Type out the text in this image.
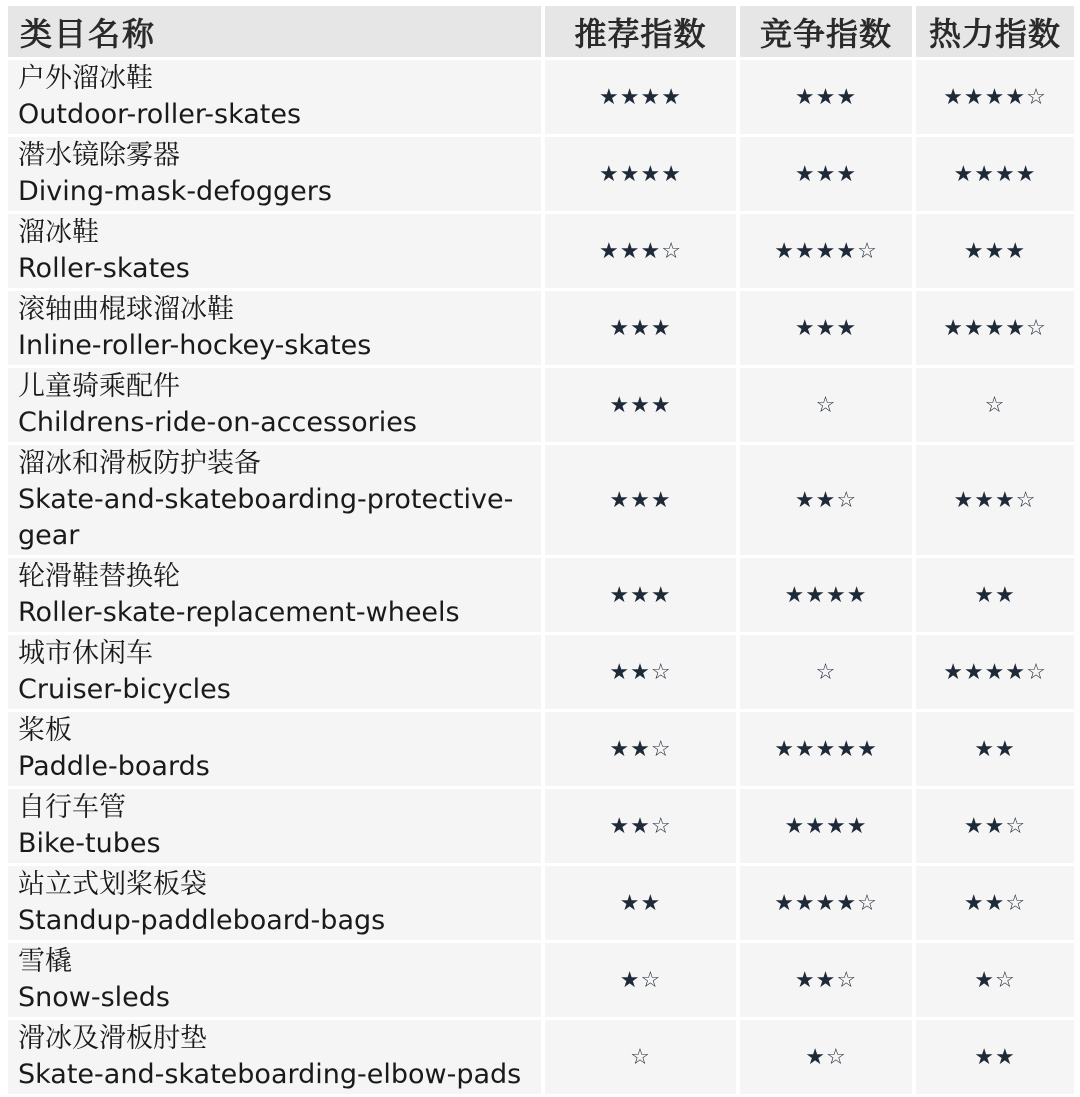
类目名称	推荐指数	竞争指数	热力指数

户外溜冰鞋
Outdoor-roller-skates	★★★★	★★★	★★★★☆

潜水镜除雾器
Diving-mask-defoggers	★★★★	★★★	★★★★

溜冰鞋
Roller-skates	★★★☆	★★★★☆	★★★

滚轴曲棍球溜冰鞋
Inline-roller-hockey-skates	★★★	★★★	★★★★☆

儿童骑乘配件
Childrens-ride-on-accessories	★★★	☆	☆

溜冰和滑板防护装备
Skate-and-skateboarding-protective-gear	★★★	★★☆	★★★☆

轮滑鞋替换轮
Roller-skate-replacement-wheels	★★★	★★★★	★★

城市休闲车
Cruiser-bicycles	★★☆	☆	★★★★☆

桨板
Paddle-boards	★★☆	★★★★★	★★

自行车管
Bike-tubes	★★☆	★★★★	★★☆

站立式划桨板袋
Standup-paddleboard-bags	★★	★★★★☆	★★☆

雪橇
Snow-sleds	★☆	★★☆	★☆

滑冰及滑板肘垫
Skate-and-skateboarding-elbow-pads	☆	★☆	★★
